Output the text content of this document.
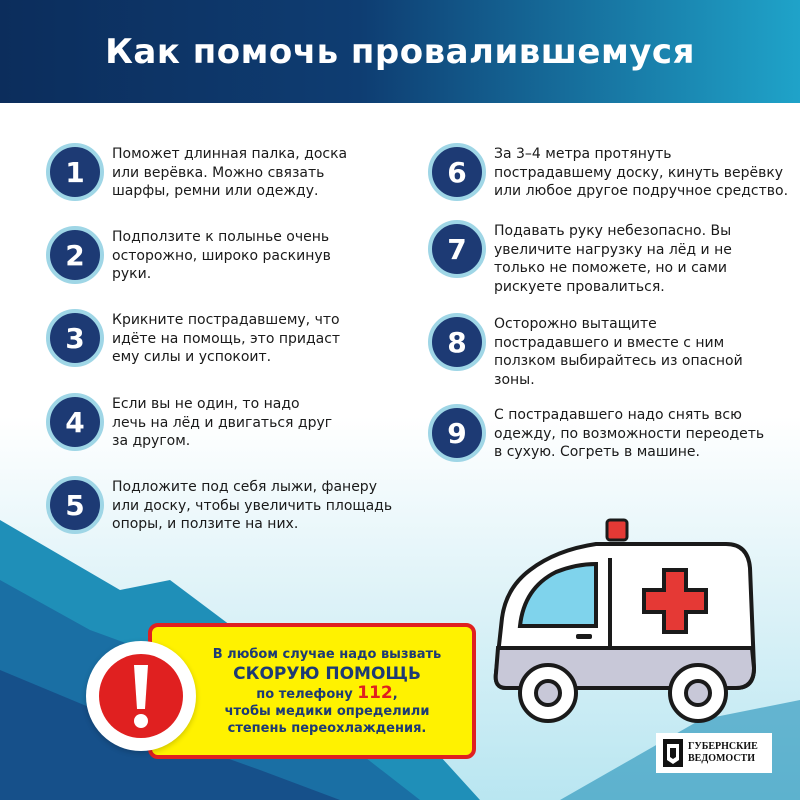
Как помочь провалившемуся
1
Поможет длинная палка, доска
или верёвка. Можно связать
шарфы, ремни или одежду.
2
Подползите к полынье очень
осторожно, широко раскинув
руки.
3
Крикните пострадавшему, что
идёте на помощь, это придаст
ему силы и успокоит.
4
Если вы не один, то надо
лечь на лёд и двигаться друг
за другом.
5
Подложите под себя лыжи, фанеру
или доску, чтобы увеличить площадь
опоры, и ползите на них.
6
За 3–4 метра протянуть
пострадавшему доску, кинуть верёвку
или любое другое подручное средство.
7
Подавать руку небезопасно. Вы
увеличите нагрузку на лёд и не
только не поможете, но и сами
рискуете провалиться.
8
Осторожно вытащите
пострадавшего и вместе с ним
ползком выбирайтесь из опасной
зоны.
9
С пострадавшего надо снять всю
одежду, по возможности переодеть
в сухую. Согреть в машине.
В любом случае надо вызвать
СКОРУЮ ПОМОЩЬ
по телефону 112,
чтобы медики определили
степень переохлаждения.
ГУБЕРНСКИЕ
ВЕДОМОСТИ
